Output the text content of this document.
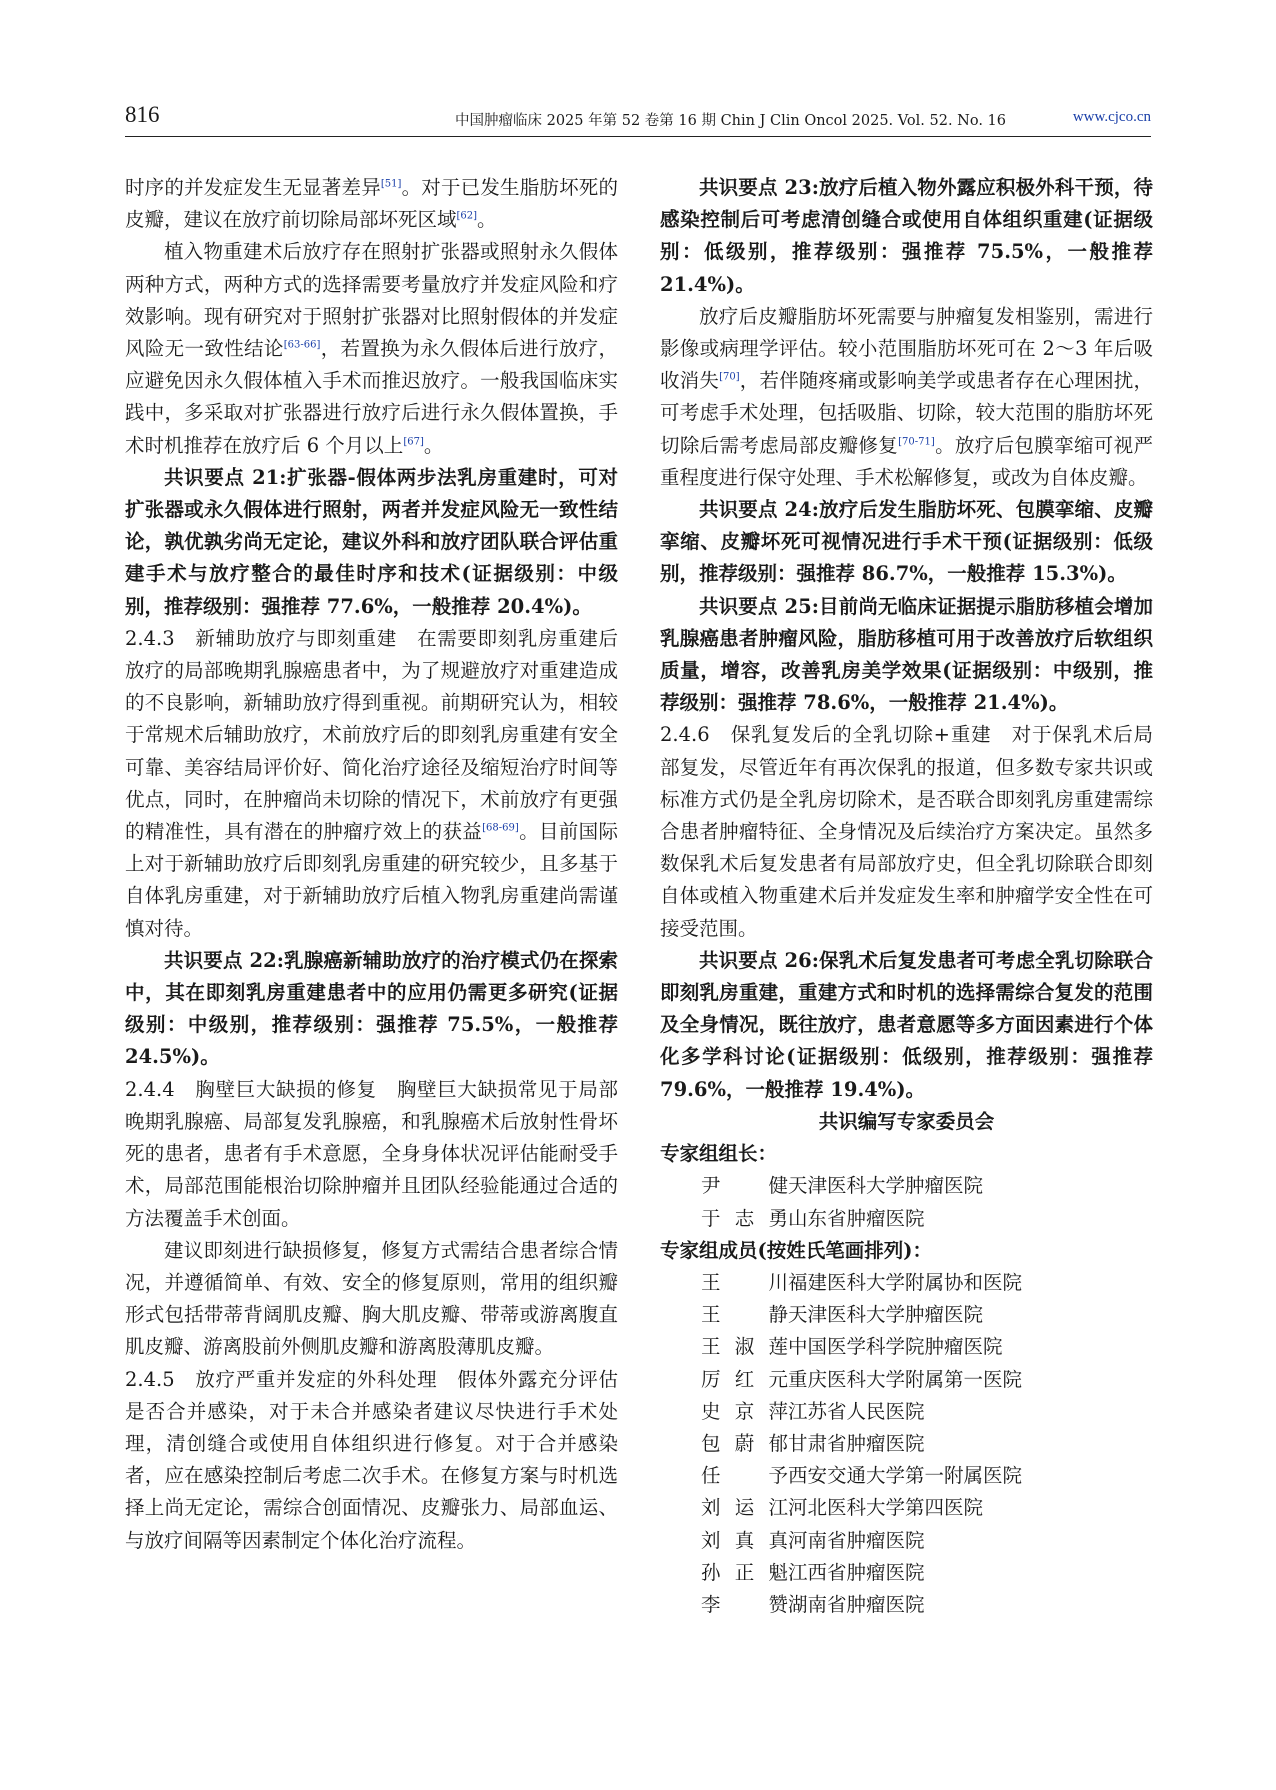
816	中国肿瘤临床 2025 年第 52 卷第 16 期 Chin J Clin Oncol 2025. Vol. 52. No. 16	www.cjco.cn

时序的并发症发生无显著差异[51]。对于已发生脂肪坏死的皮瓣，建议在放疗前切除局部坏死区域[62]。

植入物重建术后放疗存在照射扩张器或照射永久假体两种方式，两种方式的选择需要考量放疗并发症风险和疗效影响。现有研究对于照射扩张器对比照射假体的并发症风险无一致性结论[63-66]，若置换为永久假体后进行放疗，应避免因永久假体植入手术而推迟放疗。一般我国临床实践中，多采取对扩张器进行放疗后进行永久假体置换，手术时机推荐在放疗后 6 个月以上[67]。

共识要点 21:扩张器-假体两步法乳房重建时，可对扩张器或永久假体进行照射，两者并发症风险无一致性结论，孰优孰劣尚无定论，建议外科和放疗团队联合评估重建手术与放疗整合的最佳时序和技术(证据级别：中级别，推荐级别：强推荐 77.6%，一般推荐 20.4%)。

2.4.3　新辅助放疗与即刻重建　在需要即刻乳房重建后放疗的局部晚期乳腺癌患者中，为了规避放疗对重建造成的不良影响，新辅助放疗得到重视。前期研究认为，相较于常规术后辅助放疗，术前放疗后的即刻乳房重建有安全可靠、美容结局评价好、简化治疗途径及缩短治疗时间等优点，同时，在肿瘤尚未切除的情况下，术前放疗有更强的精准性，具有潜在的肿瘤疗效上的获益[68-69]。目前国际上对于新辅助放疗后即刻乳房重建的研究较少，且多基于自体乳房重建，对于新辅助放疗后植入物乳房重建尚需谨慎对待。

共识要点 22:乳腺癌新辅助放疗的治疗模式仍在探索中，其在即刻乳房重建患者中的应用仍需更多研究(证据级别：中级别，推荐级别：强推荐 75.5%，一般推荐 24.5%)。

2.4.4　胸壁巨大缺损的修复　胸壁巨大缺损常见于局部晚期乳腺癌、局部复发乳腺癌，和乳腺癌术后放射性骨坏死的患者，患者有手术意愿，全身身体状况评估能耐受手术，局部范围能根治切除肿瘤并且团队经验能通过合适的方法覆盖手术创面。

建议即刻进行缺损修复，修复方式需结合患者综合情况，并遵循简单、有效、安全的修复原则，常用的组织瓣形式包括带蒂背阔肌皮瓣、胸大肌皮瓣、带蒂或游离腹直肌皮瓣、游离股前外侧肌皮瓣和游离股薄肌皮瓣。

2.4.5　放疗严重并发症的外科处理　假体外露充分评估是否合并感染，对于未合并感染者建议尽快进行手术处理，清创缝合或使用自体组织进行修复。对于合并感染者，应在感染控制后考虑二次手术。在修复方案与时机选择上尚无定论，需综合创面情况、皮瓣张力、局部血运、与放疗间隔等因素制定个体化治疗流程。

共识要点 23:放疗后植入物外露应积极外科干预，待感染控制后可考虑清创缝合或使用自体组织重建(证据级别：低级别，推荐级别：强推荐 75.5%，一般推荐 21.4%)。

放疗后皮瓣脂肪坏死需要与肿瘤复发相鉴别，需进行影像或病理学评估。较小范围脂肪坏死可在 2～3 年后吸收消失[70]，若伴随疼痛或影响美学或患者存在心理困扰，可考虑手术处理，包括吸脂、切除，较大范围的脂肪坏死切除后需考虑局部皮瓣修复[70-71]。放疗后包膜挛缩可视严重程度进行保守处理、手术松解修复，或改为自体皮瓣。

共识要点 24:放疗后发生脂肪坏死、包膜挛缩、皮瓣挛缩、皮瓣坏死可视情况进行手术干预(证据级别：低级别，推荐级别：强推荐 86.7%，一般推荐 15.3%)。

共识要点 25:目前尚无临床证据提示脂肪移植会增加乳腺癌患者肿瘤风险，脂肪移植可用于改善放疗后软组织质量，增容，改善乳房美学效果(证据级别：中级别，推荐级别：强推荐 78.6%，一般推荐 21.4%)。

2.4.6　保乳复发后的全乳切除+重建　对于保乳术后局部复发，尽管近年有再次保乳的报道，但多数专家共识或标准方式仍是全乳房切除术，是否联合即刻乳房重建需综合患者肿瘤特征、全身情况及后续治疗方案决定。虽然多数保乳术后复发患者有局部放疗史，但全乳切除联合即刻自体或植入物重建术后并发症发生率和肿瘤学安全性在可接受范围。

共识要点 26:保乳术后复发患者可考虑全乳切除联合即刻乳房重建，重建方式和时机的选择需综合复发的范围及全身情况，既往放疗，患者意愿等多方面因素进行个体化多学科讨论(证据级别：低级别，推荐级别：强推荐 79.6%，一般推荐 19.4%)。

共识编写专家委员会

专家组组长：

尹　健 天津医科大学肿瘤医院
于志勇 山东省肿瘤医院

专家组成员(按姓氏笔画排列)：

王　川 福建医科大学附属协和医院
王　静 天津医科大学肿瘤医院
王淑莲 中国医学科学院肿瘤医院
厉红元 重庆医科大学附属第一医院
史京萍 江苏省人民医院
包蔚郁 甘肃省肿瘤医院
任　予 西安交通大学第一附属医院
刘运江 河北医科大学第四医院
刘真真 河南省肿瘤医院
孙正魁 江西省肿瘤医院
李　赞 湖南省肿瘤医院
